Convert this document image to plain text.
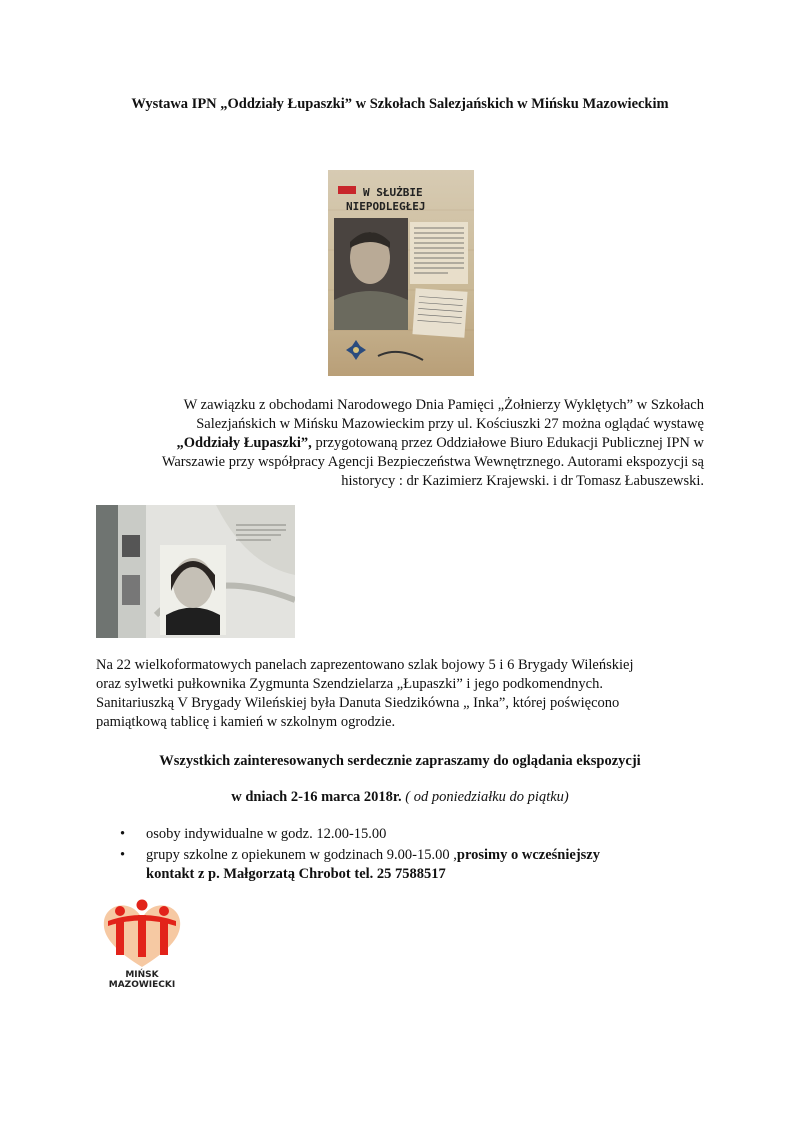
Wystawa IPN „Oddziały Łupaszki” w Szkołach Salezjańskich w Mińsku Mazowieckim
W SŁUŻBIE
NIEPODLEGŁEJ
W zawiązku z obchodami Narodowego Dnia Pamięci „Żołnierzy Wyklętych” w Szkołach
Salezjańskich w Mińsku Mazowieckim przy ul. Kościuszki 27 można oglądać wystawę
„Oddziały Łupaszki”, przygotowaną przez Oddziałowe Biuro Edukacji Publicznej IPN w
Warszawie przy współpracy Agencji Bezpieczeństwa Wewnętrznego. Autorami ekspozycji są
historycy : dr Kazimierz Krajewski. i dr Tomasz Łabuszewski.
Na 22 wielkoformatowych panelach zaprezentowano szlak bojowy 5 i 6 Brygady Wileńskiej
oraz sylwetki pułkownika Zygmunta Szendzielarza „Łupaszki” i jego podkomendnych.
Sanitariuszką V Brygady Wileńskiej była Danuta Siedzikówna „ Inka”, której poświęcono
pamiątkową tablicę i kamień w szkolnym ogrodzie.
Wszystkich zainteresowanych serdecznie zapraszamy do oglądania ekspozycji
w dniach 2-16 marca 2018r. ( od poniedziałku do piątku)
• osoby indywidualne w godz. 12.00-15.00
• grupy szkolne z opiekunem w godzinach 9.00-15.00 ,prosimy o wcześniejszy
kontakt z p. Małgorzatą Chrobot tel. 25 7588517
MIŃSK
MAZOWIECKI
